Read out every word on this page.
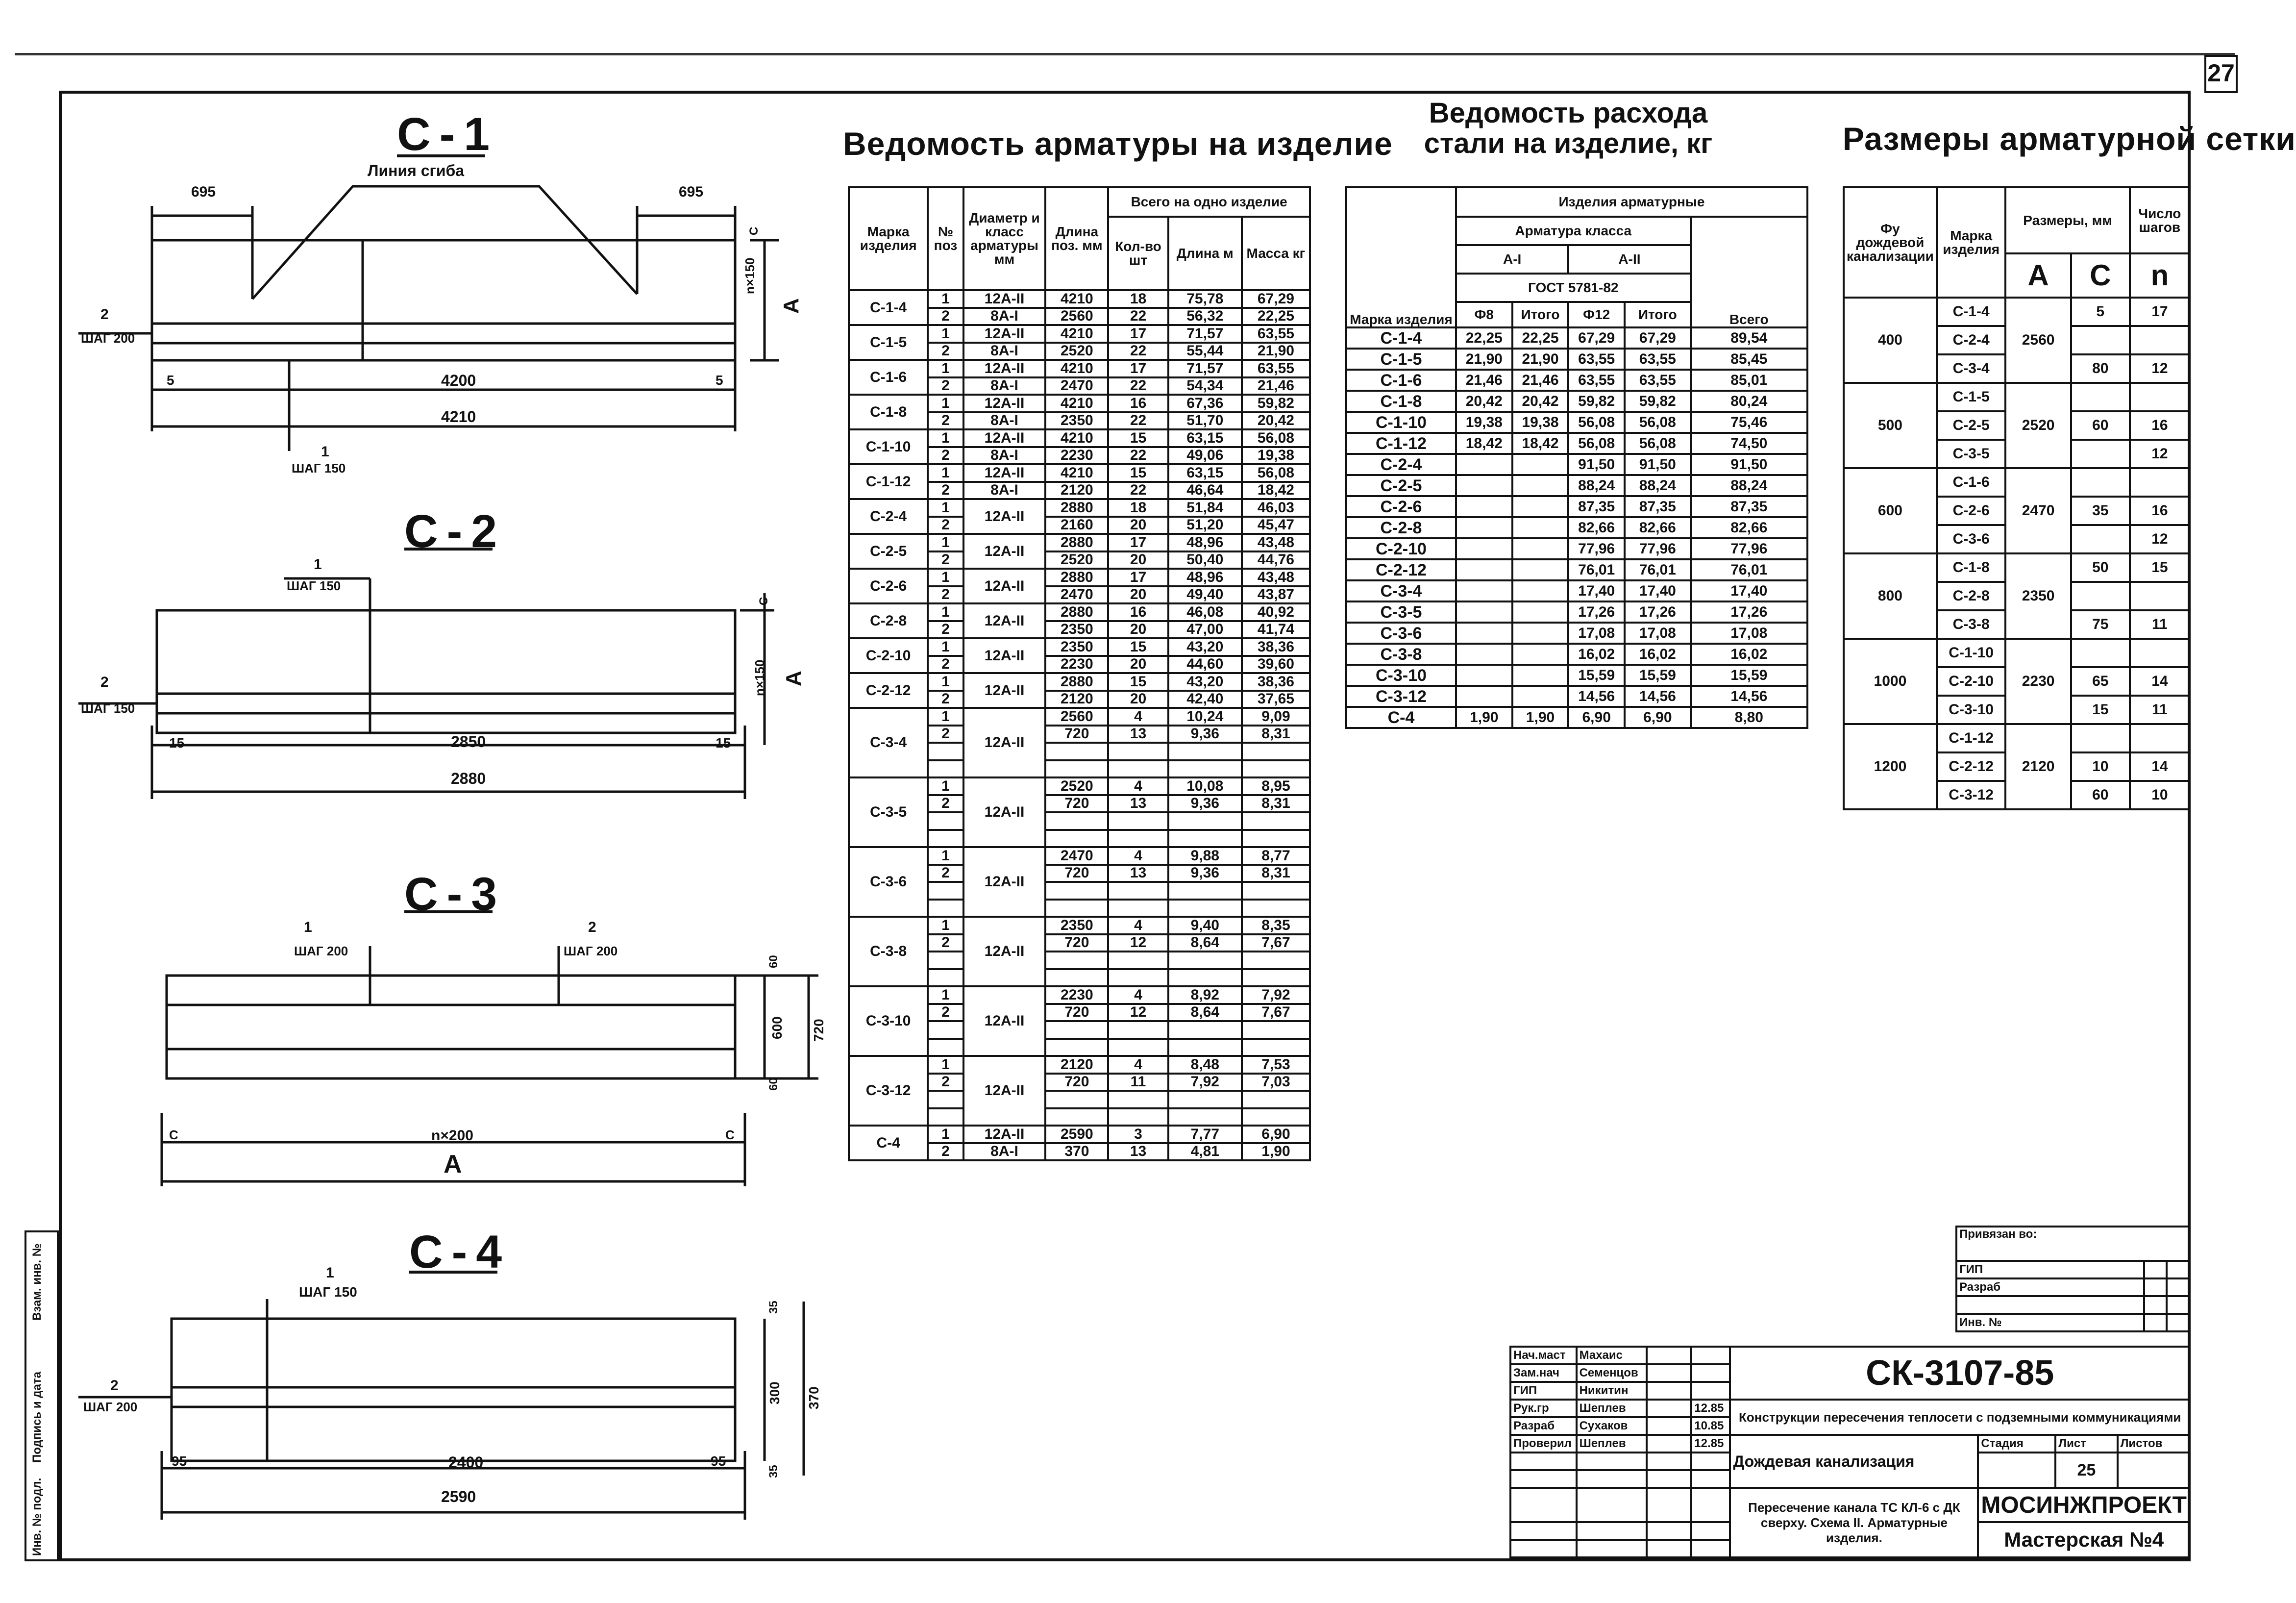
27
Инв. № подл.
Подпись и дата
Взам. инв. №
С-1
Линия сгиба
695	695
2
ШАГ 200
5	5
4200
4210
1
ШАГ 150
n×150
А
С
С-2
1
ШАГ 150
2
ШАГ 150
15	15
2850
2880
n×150 А
С
С-3
1
ШАГ 200
2
ШАГ 200
60
600 720
60
С	С
n×200
А
С-4
1
ШАГ 150
2
ШАГ 200
95	95
2400
2590
35
300 370
35
Ведомость арматуры на изделие
Марка изделия	№ поз	Диаметр и класс арматуры мм	Длина поз. мм	Всего на одно изделие		
				Кол-во шт	Длина м	Масса кг
С-1-4	1	12А-II	4210	18	75,78	67,29
	2	8А-I	2560	22	56,32	22,25
С-1-5	1	12А-II	4210	17	71,57	63,55
	2	8А-I	2520	22	55,44	21,90
С-1-6	1	12А-II	4210	17	71,57	63,55
	2	8А-I	2470	22	54,34	21,46
С-1-8	1	12А-II	4210	16	67,36	59,82
	2	8А-I	2350	22	51,70	20,42
С-1-10	1	12А-II	4210	15	63,15	56,08
	2	8А-I	2230	22	49,06	19,38
С-1-12	1	12А-II	4210	15	63,15	56,08
	2	8А-I	2120	22	46,64	18,42
С-2-4	1	12А-II	2880	18	51,84	46,03
	2		2160	20	51,20	45,47
С-2-5	1	12А-II	2880	17	48,96	43,48
	2		2520	20	50,40	44,76
С-2-6	1	12А-II	2880	17	48,96	43,48
	2		2470	20	49,40	43,87
С-2-8	1	12А-II	2880	16	46,08	40,92
	2		2350	20	47,00	41,74
С-2-10	1	12А-II	2350	15	43,20	38,36
	2		2230	20	44,60	39,60
С-2-12	1	12А-II	2880	15	43,20	38,36
	2		2120	20	42,40	37,65
С-3-4	1	12А-II	2560	4	10,24	9,09
	2		720	13	9,36	8,31

С-3-5	1	12А-II	2520	4	10,08	8,95
	2		720	13	9,36	8,31

С-3-6	1	12А-II	2470	4	9,88	8,77
	2		720	13	9,36	8,31

С-3-8	1	12А-II	2350	4	9,40	8,35
	2		720	12	8,64	7,67

С-3-10	1	12А-II	2230	4	8,92	7,92
	2		720	12	8,64	7,67

С-3-12	1	12А-II	2120	4	8,48	7,53
	2		720	11	7,92	7,03

С-4	1	12А-II	2590	3	7,77	6,90
	2	8А-I	370	13	4,81	1,90
Ведомость расхода
стали на изделие, кг
Марка изделия	Изделия арматурные				
	Арматура класса				Всего
	А-I		А-II		
	ГОСТ 5781-82				
	Ф8	Итого	Ф12	Итого	
С-1-4	22,25	22,25	67,29	67,29	89,54
С-1-5	21,90	21,90	63,55	63,55	85,45
С-1-6	21,46	21,46	63,55	63,55	85,01
С-1-8	20,42	20,42	59,82	59,82	80,24
С-1-10	19,38	19,38	56,08	56,08	75,46
С-1-12	18,42	18,42	56,08	56,08	74,50
С-2-4			91,50	91,50	91,50
С-2-5			88,24	88,24	88,24
С-2-6			87,35	87,35	87,35
С-2-8			82,66	82,66	82,66
С-2-10			77,96	77,96	77,96
С-2-12			76,01	76,01	76,01
С-3-4			17,40	17,40	17,40
С-3-5			17,26	17,26	17,26
С-3-6			17,08	17,08	17,08
С-3-8			16,02	16,02	16,02
С-3-10			15,59	15,59	15,59
С-3-12			14,56	14,56	14,56
С-4	1,90	1,90	6,90	6,90	8,80
Размеры арматурной сетки
Фу дождевой канализации	Марка изделия	Размеры, мм		Число шагов
		А	С	n
400	С-1-4	2560	5	17
	С-2-4			
	С-3-4		80	12
500	С-1-5	2520		
	С-2-5		60	16
	С-3-5			12
600	С-1-6	2470		
	С-2-6		35	16
	С-3-6			12
800	С-1-8	2350	50	15
	С-2-8			
	С-3-8		75	11
1000	С-1-10	2230		
	С-2-10		65	14
	С-3-10		15	11
1200	С-1-12	2120		
	С-2-12		10	14
	С-3-12		60	10
Привязан во:		
ГИП		
Разраб		

Инв. №		
Нач.маст	Махаис			СК-3107-85			
Зам.нач	Семенцов						
ГИП	Никитин						
Рук.гр	Шеплев		12.85	Конструкции пересечения теплосети с подземными коммуникациями			
Разраб	Сухаков		10.85				
Проверил	Шеплев		12.85	Дождевая канализация	Стадия	Лист	Листов
						25	

				Пересечение канала ТС КЛ-6 с ДК сверху. Схема II. Арматурные изделия.	МОСИНЖПРОЕКТ		
					Мастерская №4		
